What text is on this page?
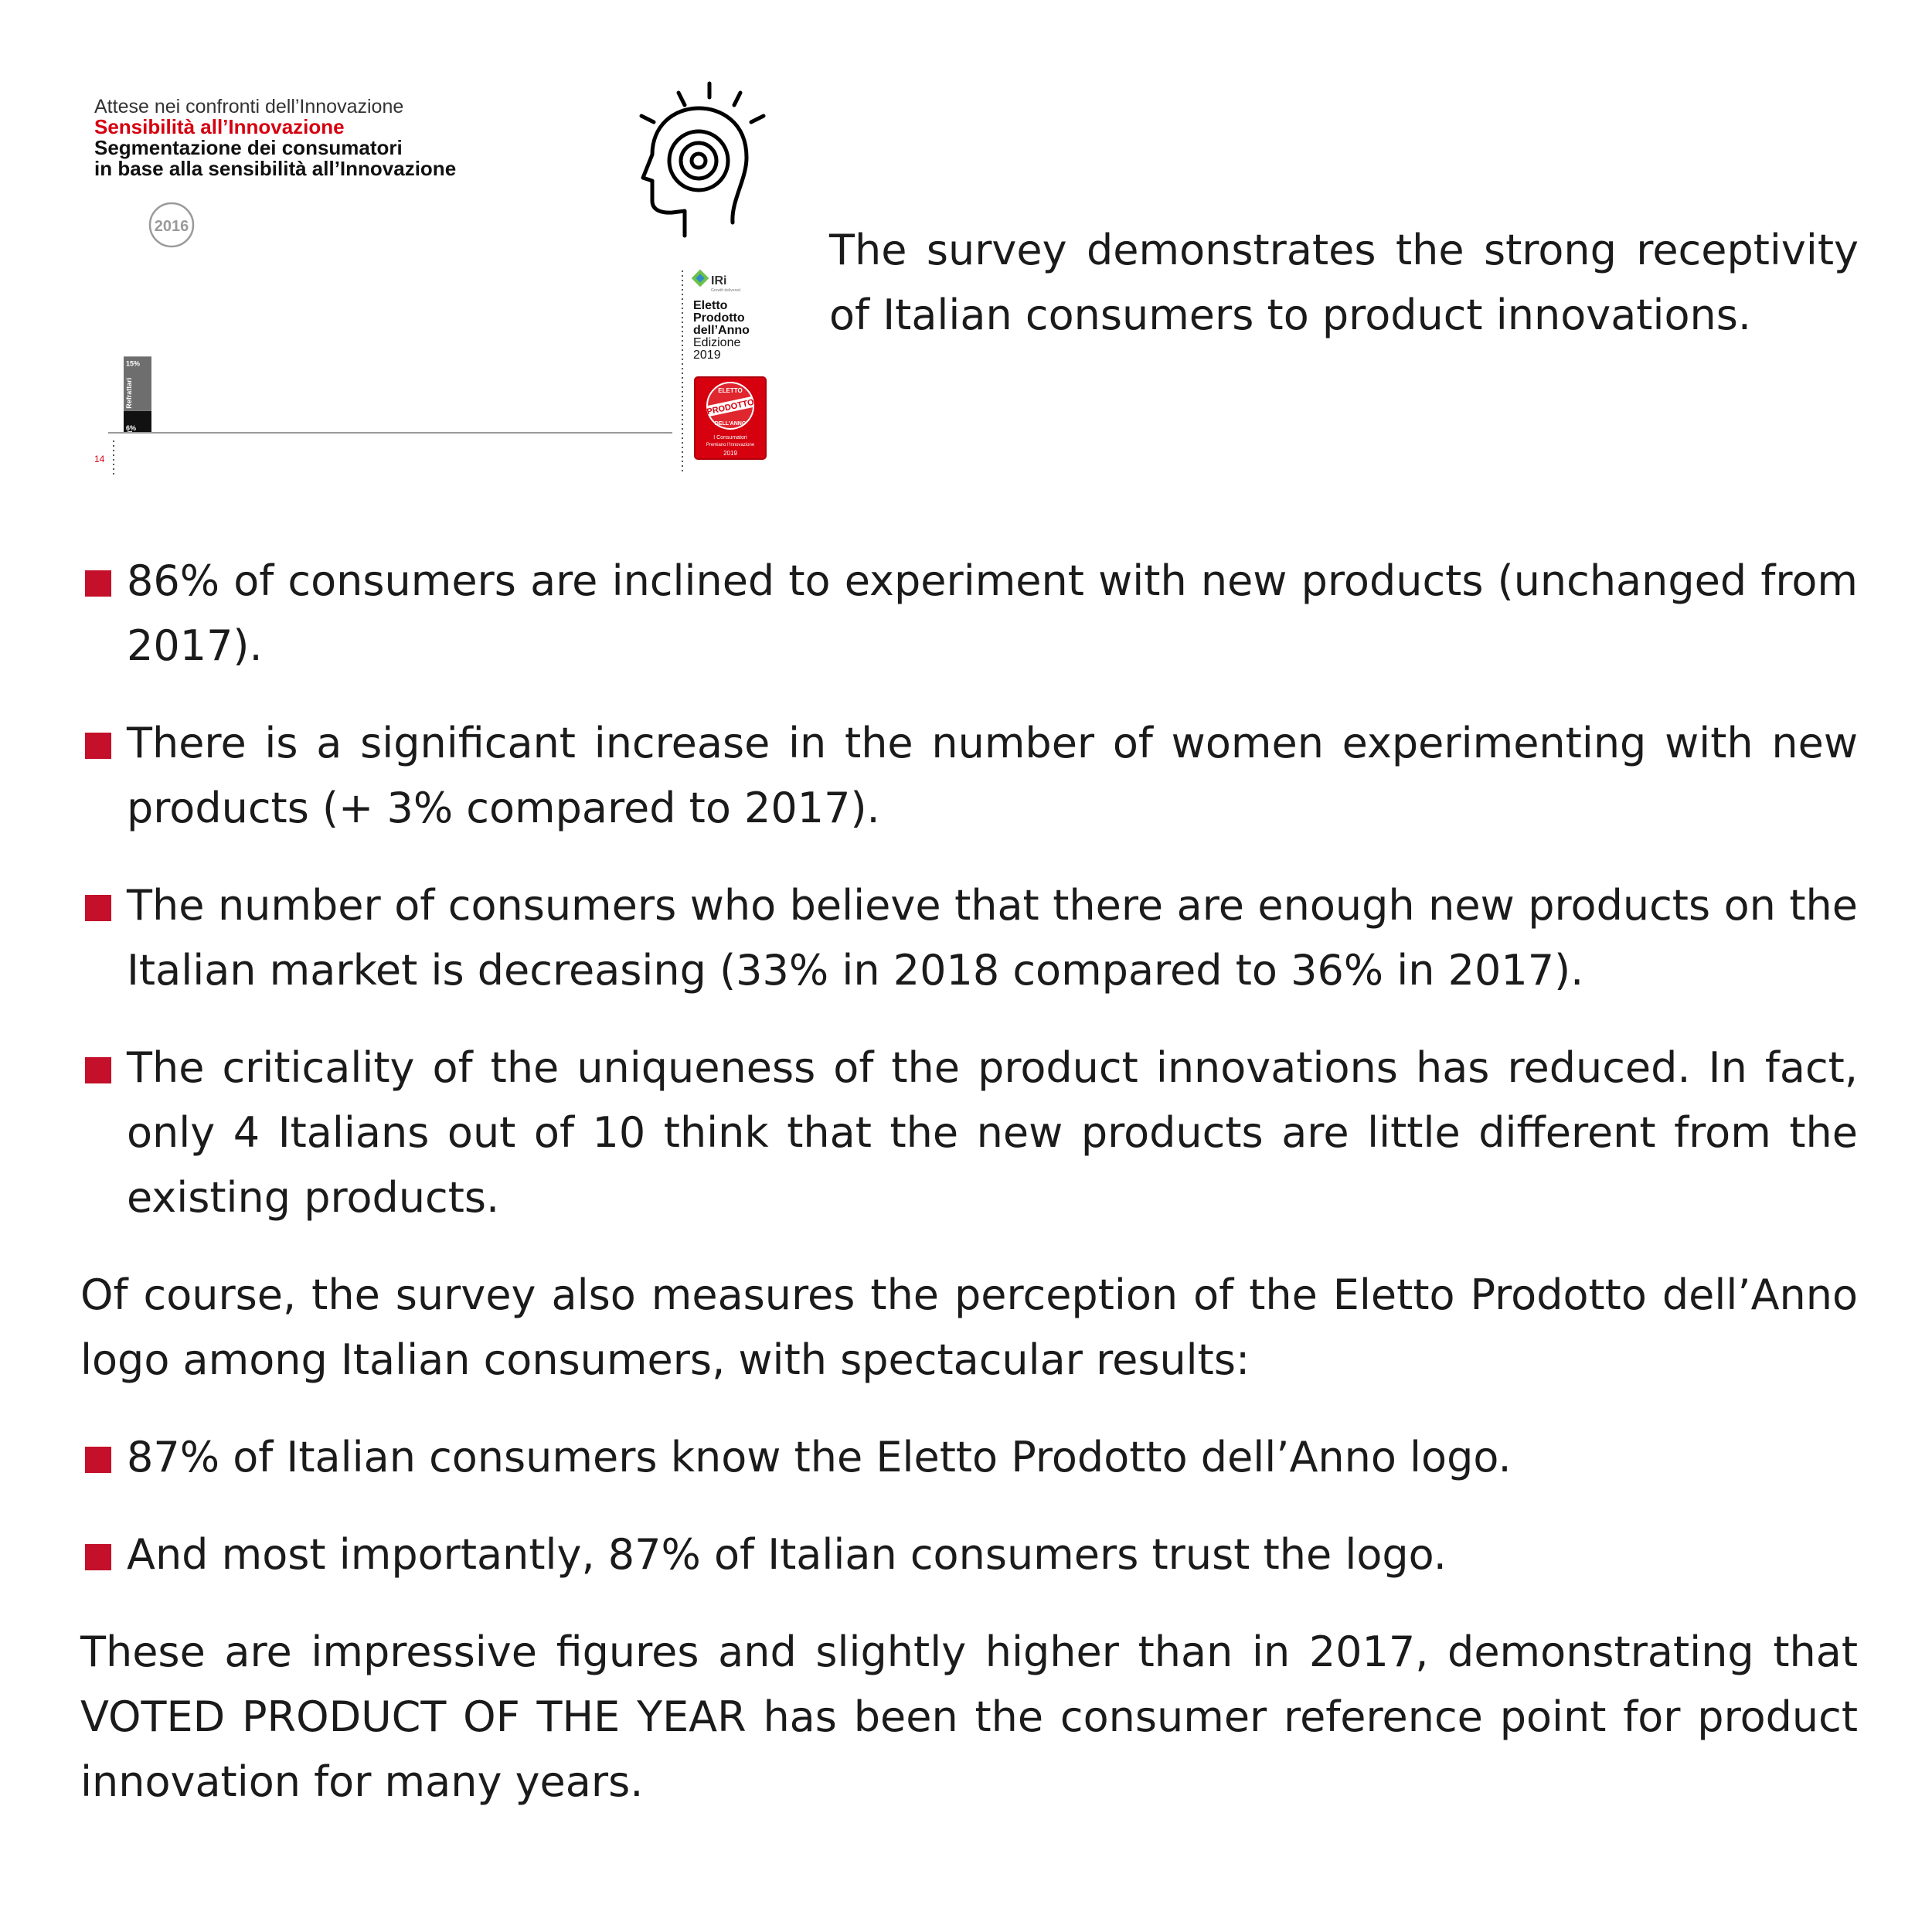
Attese nei confronti dell’Innovazione
Sensibilità all’Innovazione
Segmentazione dei consumatori
in base alla sensibilità all’Innovazione
2016
6%
15%
Refrattari
Ostili
14
IRi
Growth delivered.
Eletto
Prodotto
dell’Anno
Edizione
2019
ELETTO
PRODOTTO
DELL'ANNO
I Consumatori
Premiano l’Innovazione
2019

The survey demonstrates the strong receptivity of Italian consumers to product innovations.

86% of consumers are inclined to experiment with new products (unchanged from 2017).
There is a significant increase in the number of women experimenting with new products (+ 3% compared to 2017).
The number of consumers who believe that there are enough new products on the Italian market is decreasing (33% in 2018 compared to 36% in 2017).
The criticality of the uniqueness of the product innovations has reduced. In fact, only 4 Italians out of 10 think that the new products are little different from the existing products.

Of course, the survey also measures the perception of the Eletto Prodotto dell’Anno logo among Italian consumers, with spectacular results:

87% of Italian consumers know the Eletto Prodotto dell’Anno logo.
And most importantly, 87% of Italian consumers trust the logo.

These are impressive figures and slightly higher than in 2017, demonstrating that VOTED PRODUCT OF THE YEAR has been the consumer reference point for product innovation for many years.
